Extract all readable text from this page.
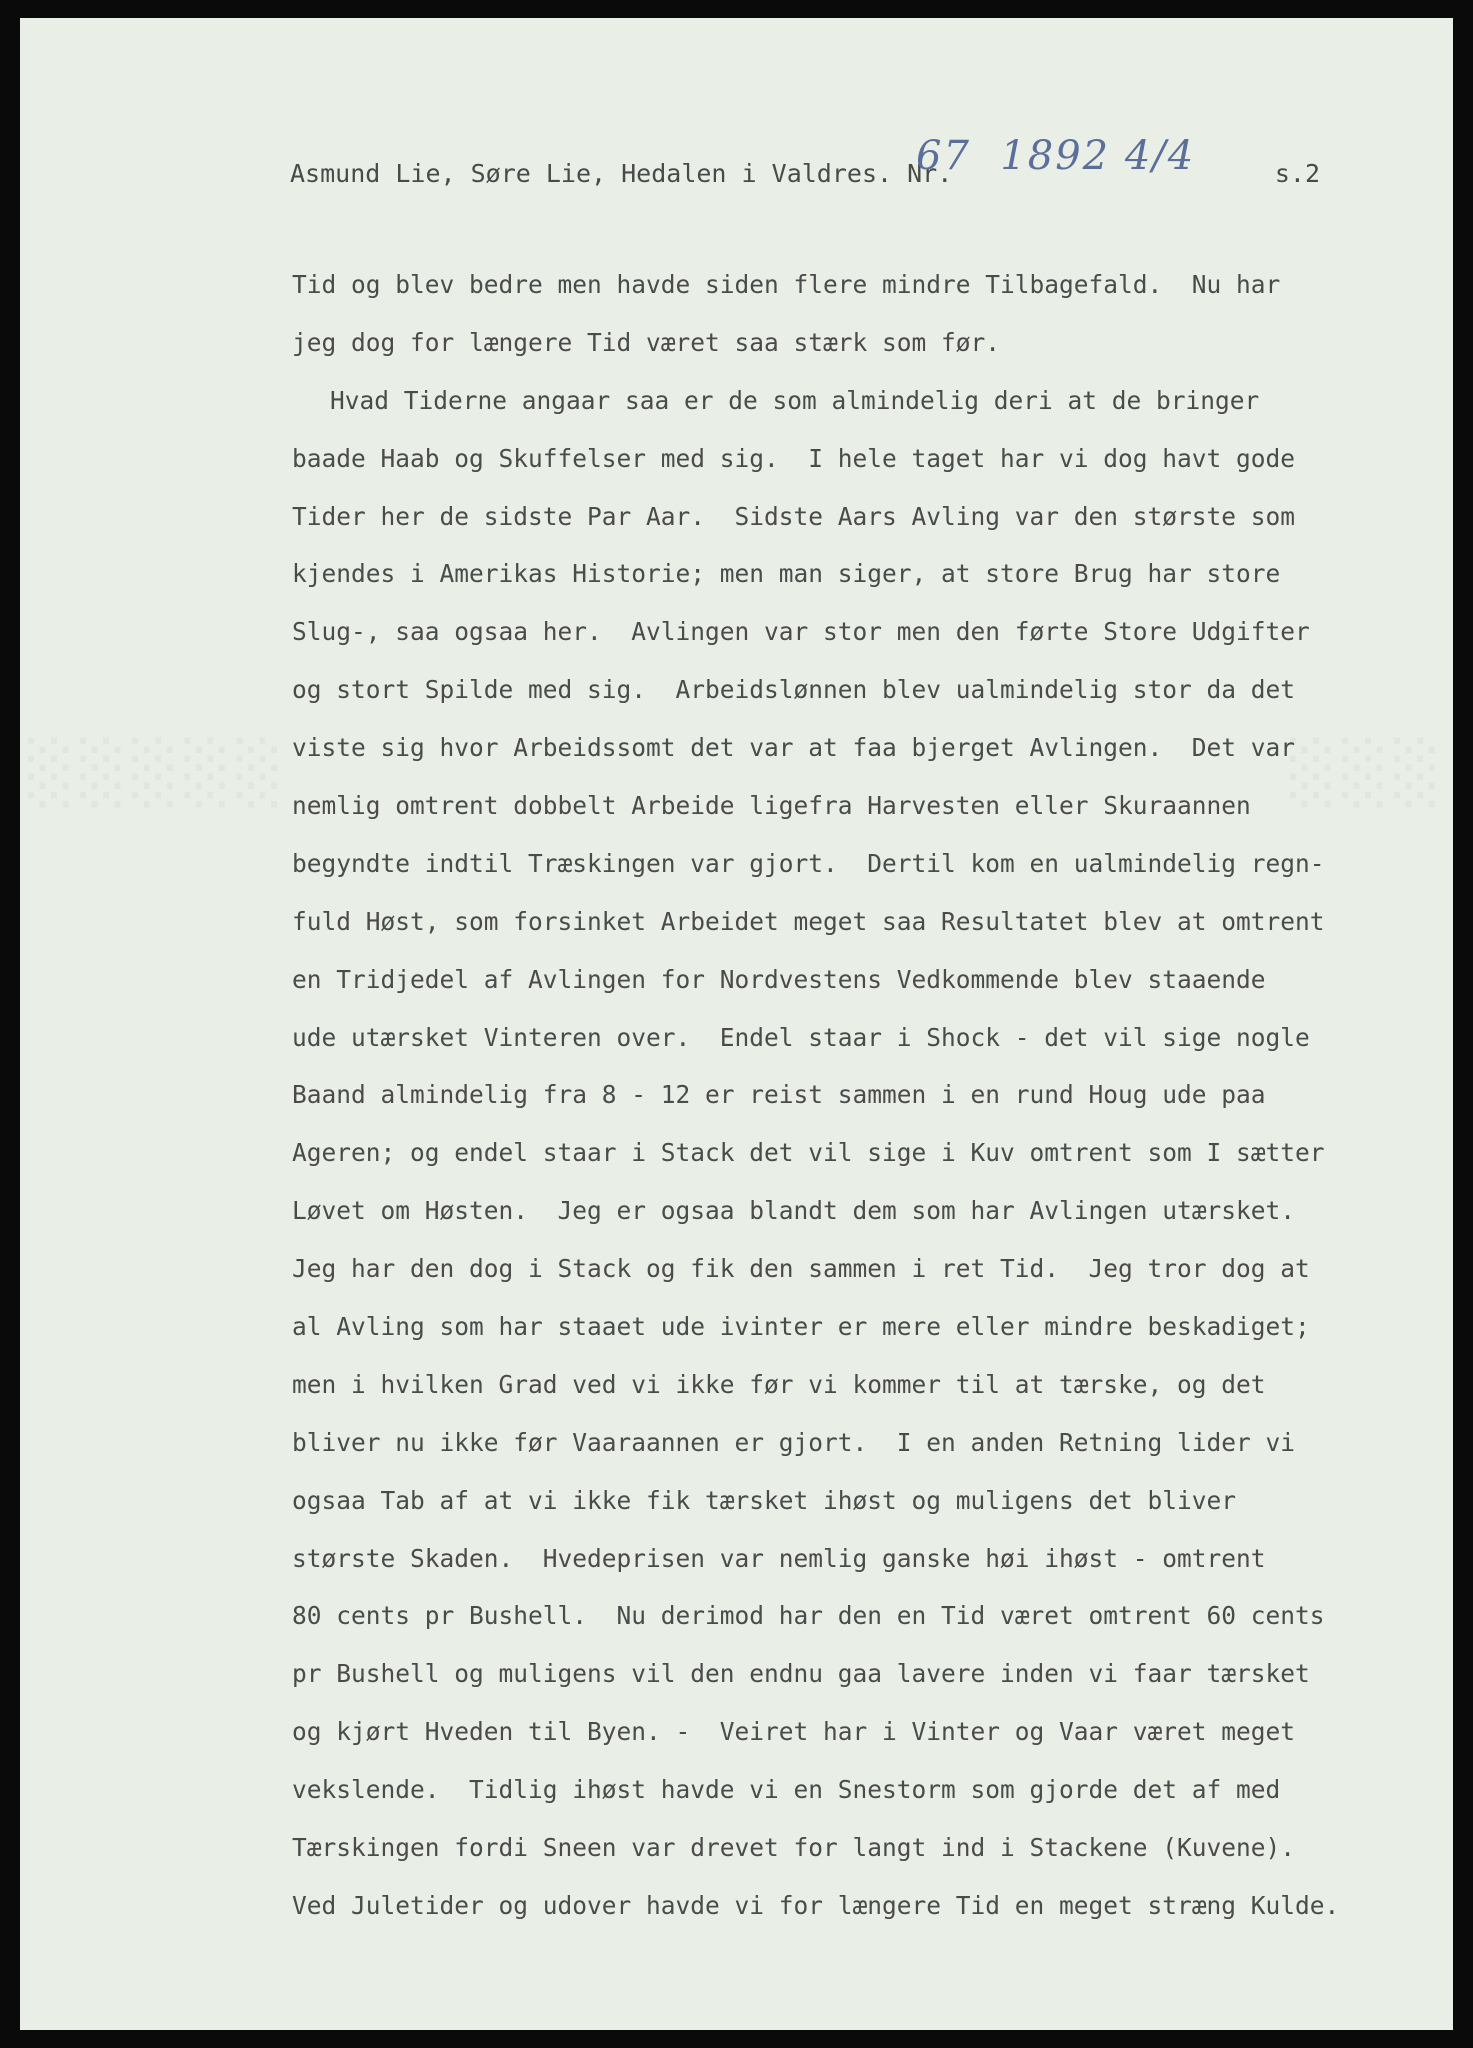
░░░░░	░░░
Asmund Lie, Søre Lie, Hedalen i Valdres. Nr.
67  1892 4/4	s.2
Tid og blev bedre men havde siden flere mindre Tilbagefald.  Nu har
jeg dog for længere Tid været saa stærk som før.
Hvad Tiderne angaar saa er de som almindelig deri at de bringer
baade Haab og Skuffelser med sig.  I hele taget har vi dog havt gode
Tider her de sidste Par Aar.  Sidste Aars Avling var den største som
kjendes i Amerikas Historie; men man siger, at store Brug har store
Slug-, saa ogsaa her.  Avlingen var stor men den førte Store Udgifter
og stort Spilde med sig.  Arbeidslønnen blev ualmindelig stor da det
viste sig hvor Arbeidssomt det var at faa bjerget Avlingen.  Det var
nemlig omtrent dobbelt Arbeide ligefra Harvesten eller Skuraannen
begyndte indtil Træskingen var gjort.  Dertil kom en ualmindelig regn-
fuld Høst, som forsinket Arbeidet meget saa Resultatet blev at omtrent
en Tridjedel af Avlingen for Nordvestens Vedkommende blev staaende
ude utærsket Vinteren over.  Endel staar i Shock - det vil sige nogle
Baand almindelig fra 8 - 12 er reist sammen i en rund Houg ude paa
Ageren; og endel staar i Stack det vil sige i Kuv omtrent som I sætter
Løvet om Høsten.  Jeg er ogsaa blandt dem som har Avlingen utærsket.
Jeg har den dog i Stack og fik den sammen i ret Tid.  Jeg tror dog at
al Avling som har staaet ude ivinter er mere eller mindre beskadiget;
men i hvilken Grad ved vi ikke før vi kommer til at tærske, og det
bliver nu ikke før Vaaraannen er gjort.  I en anden Retning lider vi
ogsaa Tab af at vi ikke fik tærsket ihøst og muligens det bliver
største Skaden.  Hvedeprisen var nemlig ganske høi ihøst - omtrent
80 cents pr Bushell.  Nu derimod har den en Tid været omtrent 60 cents
pr Bushell og muligens vil den endnu gaa lavere inden vi faar tærsket
og kjørt Hveden til Byen. -  Veiret har i Vinter og Vaar været meget
vekslende.  Tidlig ihøst havde vi en Snestorm som gjorde det af med
Tærskingen fordi Sneen var drevet for langt ind i Stackene (Kuvene).
Ved Juletider og udover havde vi for længere Tid en meget stræng Kulde.
